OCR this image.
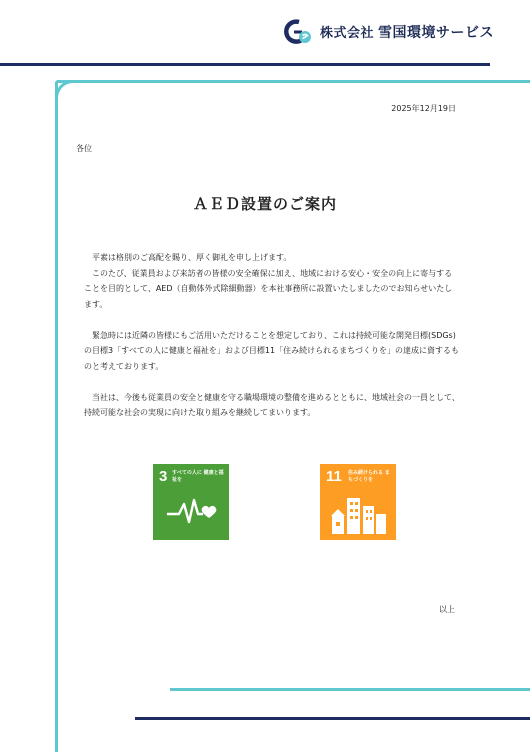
株式会社 雪国環境サービス
2025年12月19日
各位
ＡＥＤ設置のご案内

平素は格別のご高配を賜り、厚く御礼を申し上げます。

このたび、従業員および来訪者の皆様の安全確保に加え、地域における安心・安全の向上に寄与することを目的として、AED（自動体外式除細動器）を本社事務所に設置いたしましたのでお知らせいたします。

緊急時には近隣の皆様にもご活用いただけることを想定しており、これは持続可能な開発目標(SDGs)の目標3「すべての人に健康と福祉を」および目標11「住み続けられるまちづくりを」の達成に資するものと考えております。

当社は、今後も従業員の安全と健康を守る職場環境の整備を進めるとともに、地域社会の一員として、持続可能な社会の実現に向けた取り組みを継続してまいります。

3 すべての人に 健康と福祉を	11 住み続けられる まちづくりを
以上
